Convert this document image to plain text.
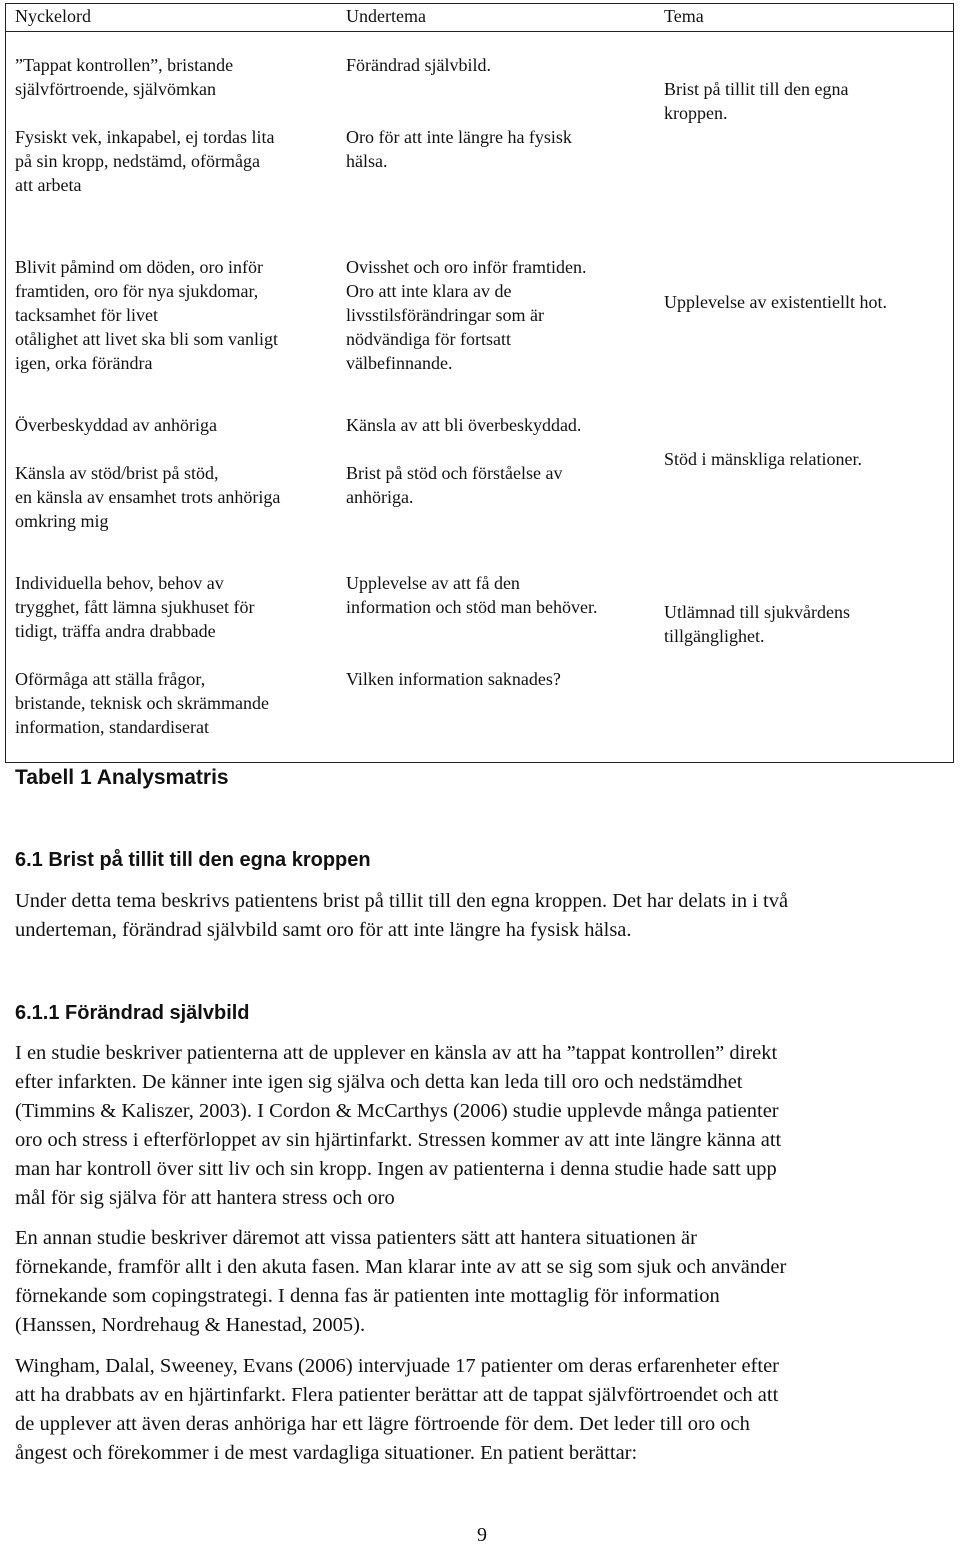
Nyckelord	Undertema	Tema
”Tappat kontrollen”, bristande
självförtroende, självömkan
Fysiskt vek, inkapabel, ej tordas lita
på sin kropp, nedstämd, oförmåga
att arbeta
Förändrad självbild.
Oro för att inte längre ha fysisk
hälsa.
Brist på tillit till den egna
kroppen.
Blivit påmind om döden, oro inför
framtiden, oro för nya sjukdomar,
tacksamhet för livet
otålighet att livet ska bli som vanligt
igen, orka förändra
Ovisshet och oro inför framtiden.
Oro att inte klara av de
livsstilsförändringar som är
nödvändiga för fortsatt
välbefinnande.
Upplevelse av existentiellt hot.
Överbeskyddad av anhöriga
Känsla av stöd/brist på stöd,
en känsla av ensamhet trots anhöriga
omkring mig
Känsla av att bli överbeskyddad.
Brist på stöd och förståelse av
anhöriga.
Stöd i mänskliga relationer.
Individuella behov, behov av
trygghet, fått lämna sjukhuset för
tidigt, träffa andra drabbade
Oförmåga att ställa frågor,
bristande, teknisk och skrämmande
information, standardiserat
Upplevelse av att få den
information och stöd man behöver.
Vilken information saknades?
Utlämnad till sjukvårdens
tillgänglighet.
Tabell 1 Analysmatris
6.1 Brist på tillit till den egna kroppen
Under detta tema beskrivs patientens brist på tillit till den egna kroppen. Det har delats in i två
underteman, förändrad självbild samt oro för att inte längre ha fysisk hälsa.
6.1.1 Förändrad självbild
I en studie beskriver patienterna att de upplever en känsla av att ha ”tappat kontrollen” direkt
efter infarkten. De känner inte igen sig själva och detta kan leda till oro och nedstämdhet
(Timmins & Kaliszer, 2003). I Cordon & McCarthys (2006) studie upplevde många patienter
oro och stress i efterförloppet av sin hjärtinfarkt. Stressen kommer av att inte längre känna att
man har kontroll över sitt liv och sin kropp. Ingen av patienterna i denna studie hade satt upp
mål för sig själva för att hantera stress och oro
En annan studie beskriver däremot att vissa patienters sätt att hantera situationen är
förnekande, framför allt i den akuta fasen. Man klarar inte av att se sig som sjuk och använder
förnekande som copingstrategi. I denna fas är patienten inte mottaglig för information
(Hanssen, Nordrehaug & Hanestad, 2005).
Wingham, Dalal, Sweeney, Evans (2006) intervjuade 17 patienter om deras erfarenheter efter
att ha drabbats av en hjärtinfarkt. Flera patienter berättar att de tappat självförtroendet och att
de upplever att även deras anhöriga har ett lägre förtroende för dem. Det leder till oro och
ångest och förekommer i de mest vardagliga situationer. En patient berättar:
9
